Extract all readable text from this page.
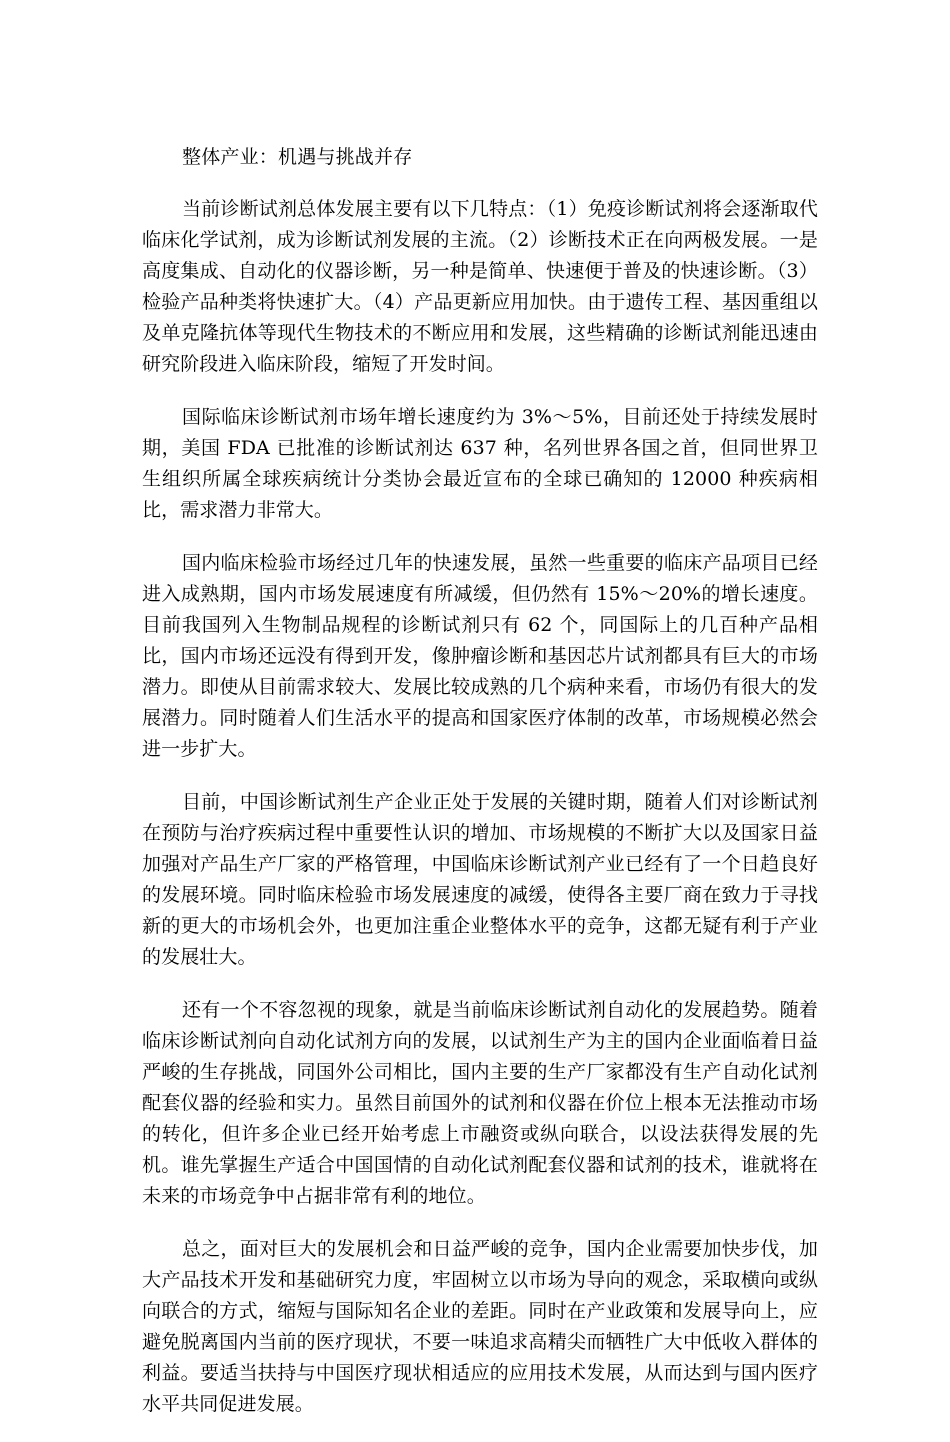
整体产业：机遇与挑战并存

当前诊断试剂总体发展主要有以下几特点：（1）免疫诊断试剂将会逐渐取代临床化学试剂，成为诊断试剂发展的主流。（2）诊断技术正在向两极发展。一是高度集成、自动化的仪器诊断，另一种是简单、快速便于普及的快速诊断。（3）检验产品种类将快速扩大。（4）产品更新应用加快。由于遗传工程、基因重组以及单克隆抗体等现代生物技术的不断应用和发展，这些精确的诊断试剂能迅速由研究阶段进入临床阶段，缩短了开发时间。

国际临床诊断试剂市场年增长速度约为 3%～5%，目前还处于持续发展时期，美国 FDA 已批准的诊断试剂达 637 种，名列世界各国之首，但同世界卫生组织所属全球疾病统计分类协会最近宣布的全球已确知的 12000 种疾病相比，需求潜力非常大。

国内临床检验市场经过几年的快速发展，虽然一些重要的临床产品项目已经进入成熟期，国内市场发展速度有所减缓，但仍然有 15%～20%的增长速度。目前我国列入生物制品规程的诊断试剂只有 62 个，同国际上的几百种产品相比，国内市场还远没有得到开发，像肿瘤诊断和基因芯片试剂都具有巨大的市场潜力。即使从目前需求较大、发展比较成熟的几个病种来看，市场仍有很大的发展潜力。同时随着人们生活水平的提高和国家医疗体制的改革，市场规模必然会进一步扩大。

目前，中国诊断试剂生产企业正处于发展的关键时期，随着人们对诊断试剂在预防与治疗疾病过程中重要性认识的增加、市场规模的不断扩大以及国家日益加强对产品生产厂家的严格管理，中国临床诊断试剂产业已经有了一个日趋良好的发展环境。同时临床检验市场发展速度的减缓，使得各主要厂商在致力于寻找新的更大的市场机会外，也更加注重企业整体水平的竞争，这都无疑有利于产业的发展壮大。

还有一个不容忽视的现象，就是当前临床诊断试剂自动化的发展趋势。随着临床诊断试剂向自动化试剂方向的发展，以试剂生产为主的国内企业面临着日益严峻的生存挑战，同国外公司相比，国内主要的生产厂家都没有生产自动化试剂配套仪器的经验和实力。虽然目前国外的试剂和仪器在价位上根本无法推动市场的转化，但许多企业已经开始考虑上市融资或纵向联合，以设法获得发展的先机。谁先掌握生产适合中国国情的自动化试剂配套仪器和试剂的技术，谁就将在未来的市场竞争中占据非常有利的地位。

总之，面对巨大的发展机会和日益严峻的竞争，国内企业需要加快步伐，加大产品技术开发和基础研究力度，牢固树立以市场为导向的观念，采取横向或纵向联合的方式，缩短与国际知名企业的差距。同时在产业政策和发展导向上，应避免脱离国内当前的医疗现状，不要一味追求高精尖而牺牲广大中低收入群体的利益。要适当扶持与中国医疗现状相适应的应用技术发展，从而达到与国内医疗水平共同促进发展。
